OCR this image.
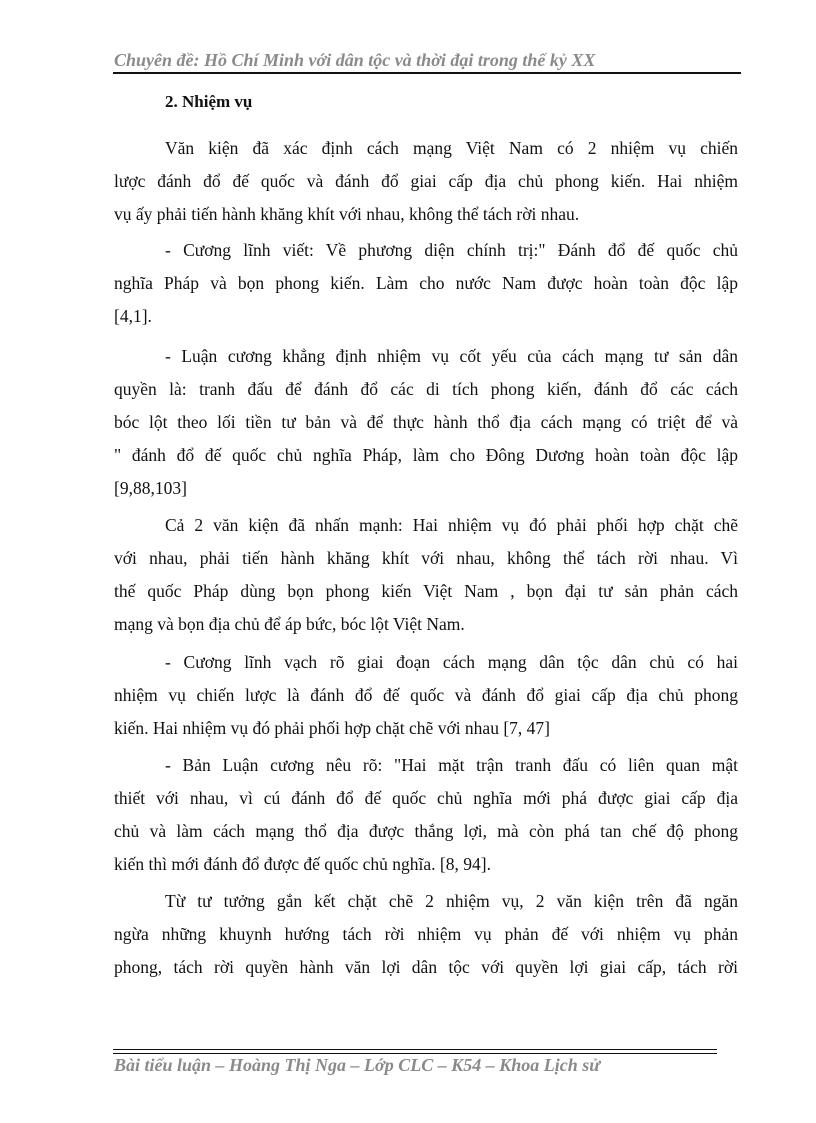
Chuyên đề: Hồ Chí Minh với dân tộc và thời đại trong thế kỷ XX
2. Nhiệm vụ
Văn kiện đã xác định cách mạng Việt Nam có 2 nhiệm vụ chiến
lược đánh đổ đế quốc và đánh đổ giai cấp địa chủ phong kiến. Hai nhiệm
vụ ấy phải tiến hành khăng khít với nhau, không thể tách rời nhau.
- Cương lĩnh viết: Về phương diện chính trị:" Đánh đổ đế quốc chủ
nghĩa Pháp và bọn phong kiến. Làm cho nước Nam được hoàn toàn độc lập
[4,1].
- Luận cương khẳng định nhiệm vụ cốt yếu của cách mạng tư sản dân
quyền là: tranh đấu để đánh đổ các di tích phong kiến, đánh đổ các cách
bóc lột theo lối tiền tư bản và để thực hành thổ địa cách mạng có triệt để và
" đánh đổ đế quốc chủ nghĩa Pháp, làm cho Đông Dương hoàn toàn độc lập
[9,88,103]
Cả 2 văn kiện đã nhấn mạnh: Hai nhiệm vụ đó phải phối hợp chặt chẽ
với nhau, phải tiến hành khăng khít với nhau, không thể tách rời nhau. Vì
thế quốc Pháp dùng bọn phong kiến Việt Nam , bọn đại tư sản phản cách
mạng và bọn địa chủ để áp bức, bóc lột Việt Nam.
- Cương lĩnh vạch rõ giai đoạn cách mạng dân tộc dân chủ có hai
nhiệm vụ chiến lược là đánh đổ đế quốc và đánh đổ giai cấp địa chủ phong
kiến. Hai nhiệm vụ đó phải phối hợp chặt chẽ với nhau [7, 47]
- Bản Luận cương nêu rõ: "Hai mặt trận tranh đấu có liên quan mật
thiết với nhau, vì cú đánh đổ đế quốc chủ nghĩa mới phá được giai cấp địa
chủ và làm cách mạng thổ địa được thắng lợi, mà còn phá tan chế độ phong
kiến thì mới đánh đổ được đế quốc chủ nghĩa. [8, 94].
Từ tư tưởng gắn kết chặt chẽ 2 nhiệm vụ, 2 văn kiện trên đã ngăn
ngừa những khuynh hướng tách rời nhiệm vụ phản đế với nhiệm vụ phản
phong, tách rời quyền hành văn lợi dân tộc với quyền lợi giai cấp, tách rời
Bài tiểu luận – Hoàng Thị Nga – Lớp CLC – K54 – Khoa Lịch sử
